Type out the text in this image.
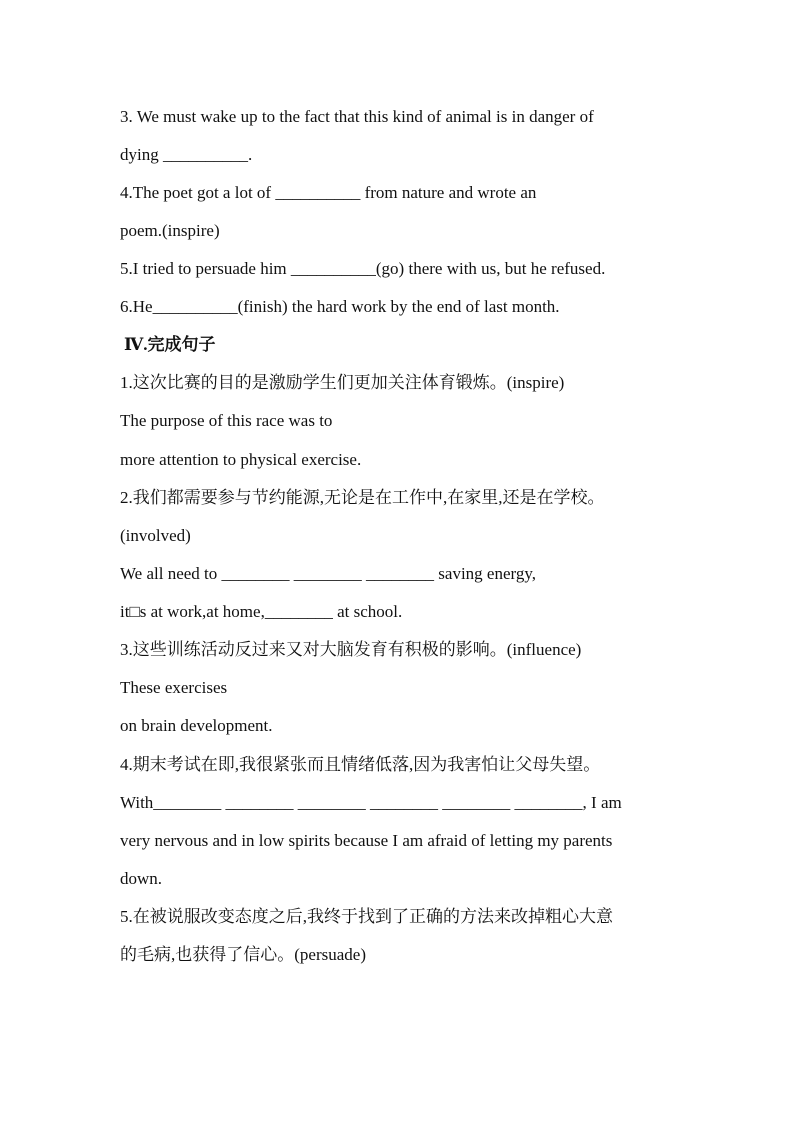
3. We must wake up to the fact that this kind of animal is in danger of
dying __________.
4.The poet got a lot of __________ from nature and wrote an
poem.(inspire)
5.I tried to persuade him __________(go) there with us, but he refused.
6.He__________(finish) the hard work by the end of last month.
Ⅳ.完成句子
1.这次比赛的目的是激励学生们更加关注体育锻炼。(inspire)
The purpose of this race was to
more attention to physical exercise.
2.我们都需要参与节约能源,无论是在工作中,在家里,还是在学校。
(involved)
We all need to ________ ________ ________ saving energy,
it□s at work,at home,________ at school.
3.这些训练活动反过来又对大脑发育有积极的影响。(influence)
These exercises
on brain development.
4.期末考试在即,我很紧张而且情绪低落,因为我害怕让父母失望。
With________ ________ ________ ________ ________ ________, I am
very nervous and in low spirits because I am afraid of letting my parents
down.
5.在被说服改变态度之后,我终于找到了正确的方法来改掉粗心大意
的毛病,也获得了信心。(persuade)
